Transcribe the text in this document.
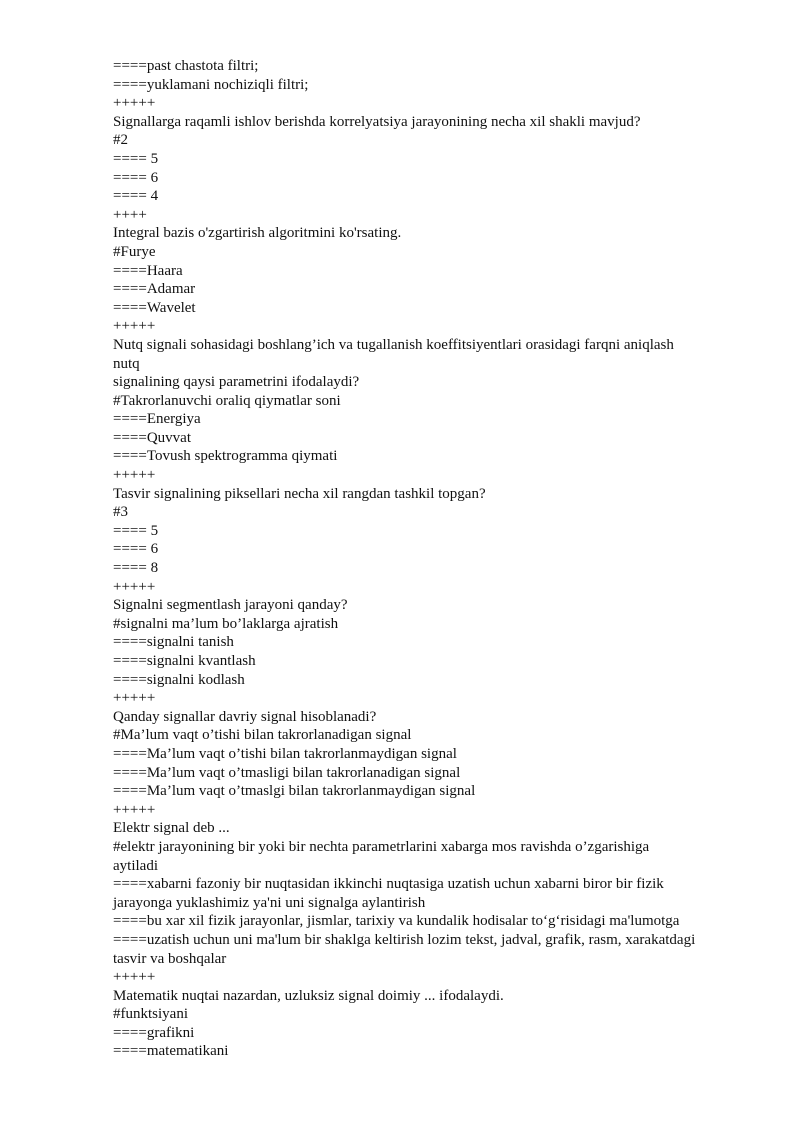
====past chastota filtri;
====yuklamani nochiziqli filtri;
+++++
Signallarga raqamli ishlov berishda korrelyatsiya jarayonining necha xil shakli mavjud?
#2
==== 5
==== 6
==== 4
++++
Integral bazis o'zgartirish algoritmini ko'rsating.
#Furye
====Haara
====Adamar
====Wavelet
+++++
Nutq signali sohasidagi boshlang’ich va tugallanish koeffitsiyentlari orasidagi farqni aniqlash
nutq
signalining qaysi parametrini ifodalaydi?
#Takrorlanuvchi oraliq qiymatlar soni
====Energiya
====Quvvat
====Tovush spektrogramma qiymati
+++++
Tasvir signalining piksellari necha xil rangdan tashkil topgan?
#3
==== 5
==== 6
==== 8
+++++
Signalni segmentlash jarayoni qanday?
#signalni ma’lum bo’laklarga ajratish
====signalni tanish
====signalni kvantlash
====signalni kodlash
+++++
Qanday signallar davriy signal hisoblanadi?
#Ma’lum vaqt o’tishi bilan takrorlanadigan signal
====Ma’lum vaqt o’tishi bilan takrorlanmaydigan signal
====Ma’lum vaqt o’tmasligi bilan takrorlanadigan signal
====Ma’lum vaqt o’tmaslgi bilan takrorlanmaydigan signal
+++++
Elektr signal deb ...
#elektr jarayonining bir yoki bir nechta parametrlarini xabarga mos ravishda o’zgarishiga
aytiladi
====xabarni fazoniy bir nuqtasidan ikkinchi nuqtasiga uzatish uchun xabarni biror bir fizik
jarayonga yuklashimiz ya'ni uni signalga aylantirish
====bu xar xil fizik jarayonlar, jismlar, tarixiy va kundalik hodisalar to‘g‘risidagi ma'lumotga
====uzatish uchun uni ma'lum bir shaklga keltirish lozim tekst, jadval, grafik, rasm, xarakatdagi
tasvir va boshqalar
+++++
Matematik nuqtai nazardan, uzluksiz signal doimiy ... ifodalaydi.
#funktsiyani
====grafikni
====matematikani
